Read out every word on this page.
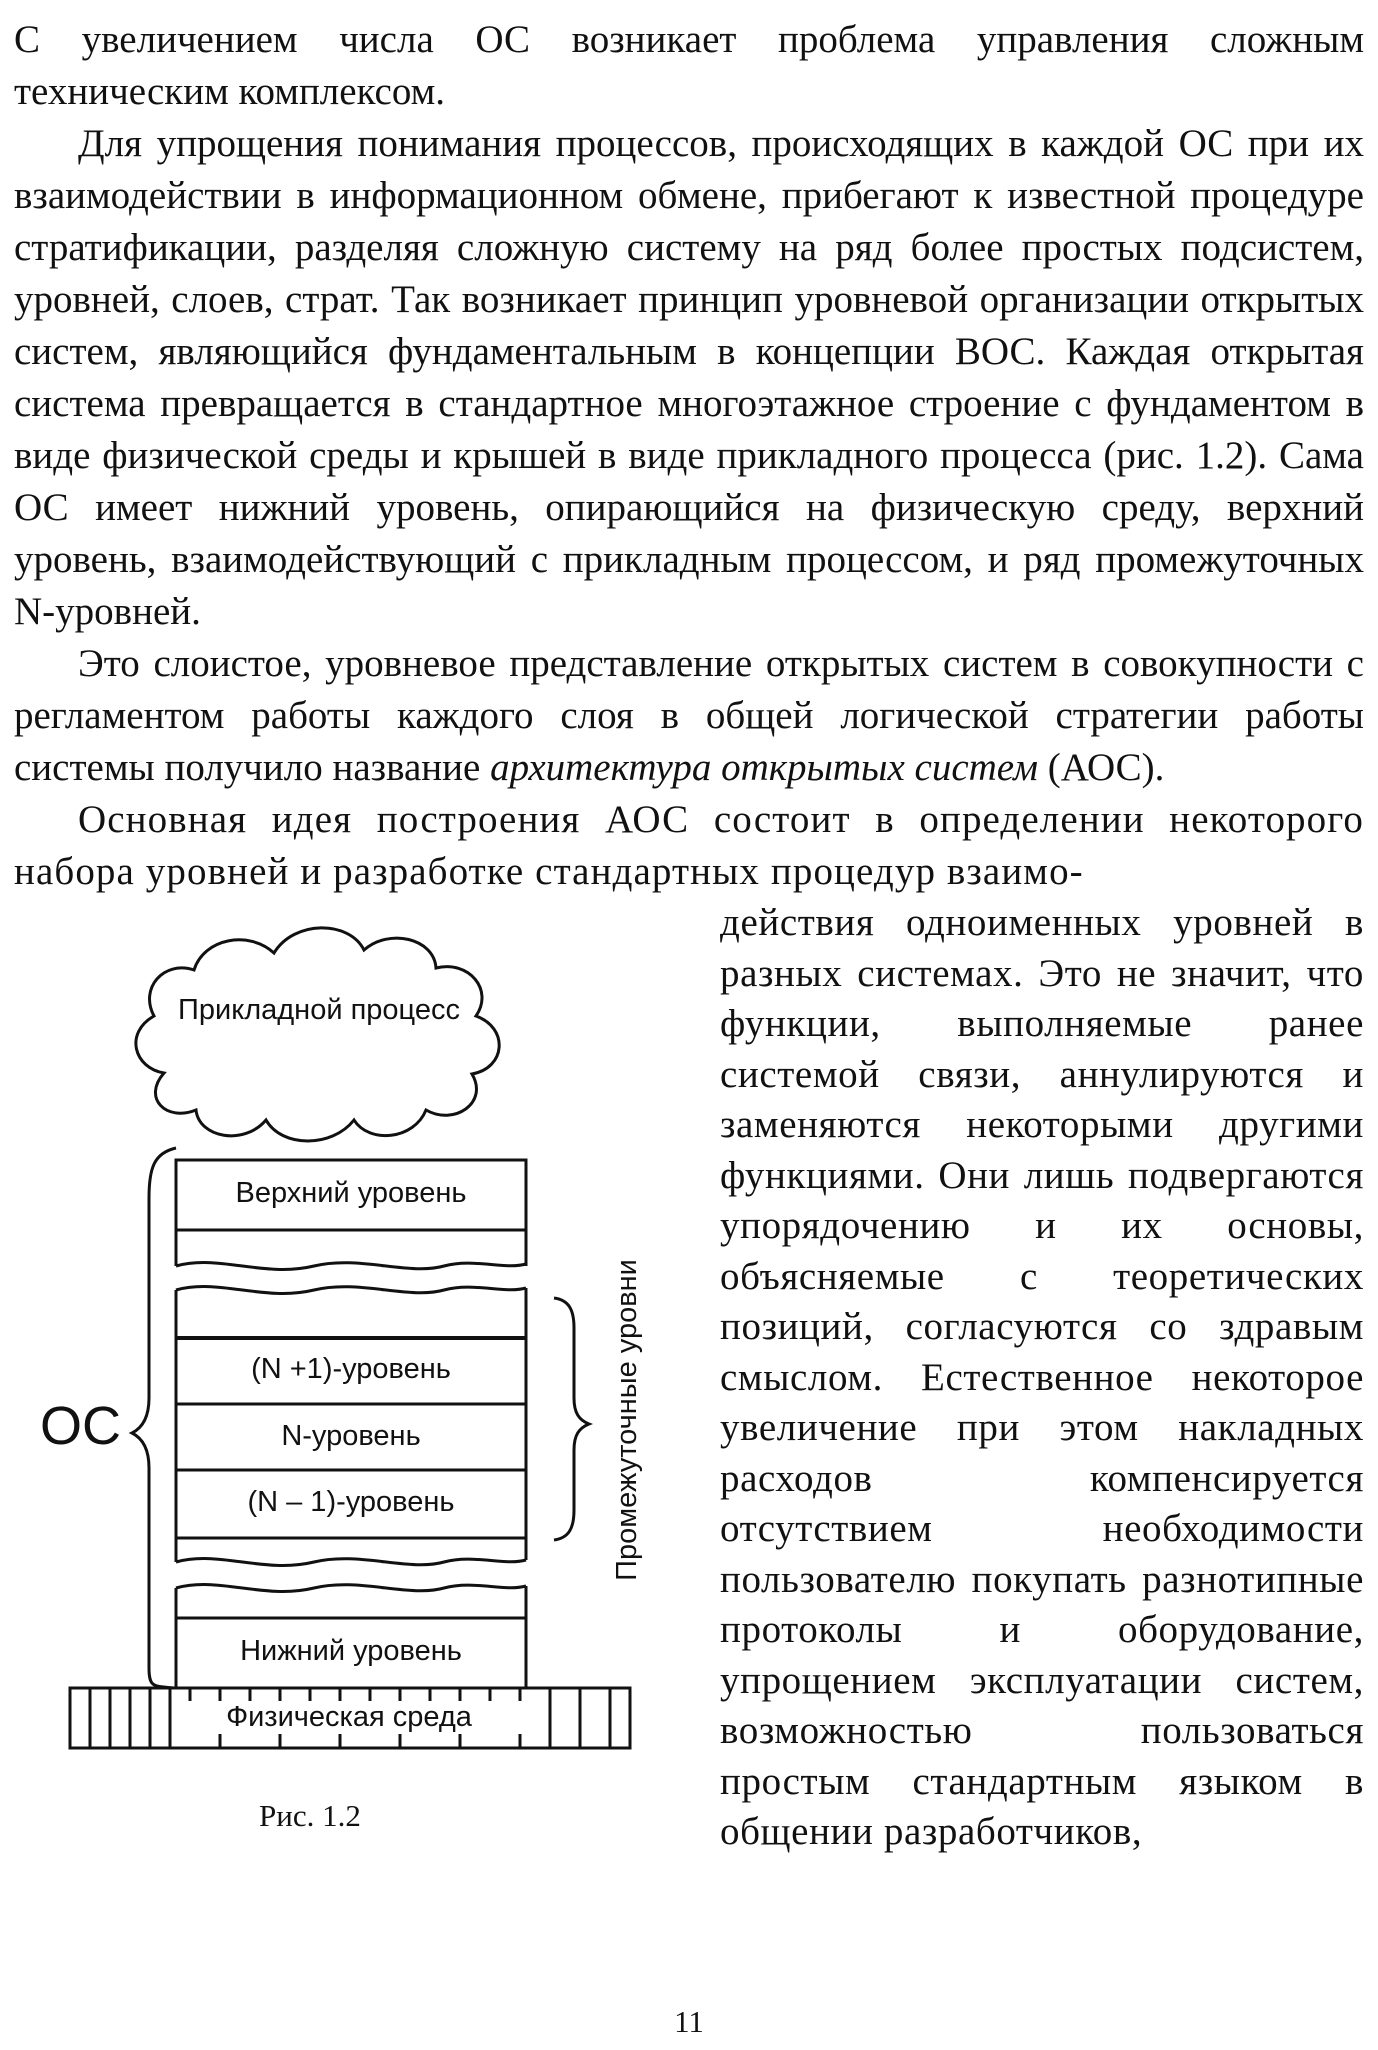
С увеличением числа ОС возникает проблема управления сложным техническим комплексом.

Для упрощения понимания процессов, происходящих в каждой ОС при их взаимодействии в информационном обмене, прибегают к известной процедуре стратификации, разделяя сложную систему на ряд более простых подсистем, уровней, слоев, страт. Так возникает принцип уровневой организации открытых систем, являющийся фундаментальным в концепции ВОС. Каждая открытая система превращается в стандартное многоэтажное строение с фундаментом в виде физической среды и крышей в виде прикладного процесса (рис. 1.2). Сама ОС имеет нижний уровень, опирающийся на физическую среду, верхний уровень, взаимодействующий с прикладным процессом, и ряд промежуточных N-уровней.

Это слоистое, уровневое представление открытых систем в совокупности с регламентом работы каждого слоя в общей логической стратегии работы системы получило название архитектура открытых систем (АОС).

Основная идея построения АОС состоит в определении некоторого набора уровней и разработке стандартных процедур взаимо-

Прикладной процесс
Верхний уровень
(N +1)-уровень
N-уровень
(N – 1)-уровень
Нижний уровень
Физическая среда
ОС	Промежуточные уровни
Рис. 1.2

действия одноименных уровней в разных системах. Это не значит, что функции, выполняемые ранее системой связи, аннулируются и заменяются некоторыми другими функциями. Они лишь подвергаются упорядочению и их основы, объясняемые с теоретических позиций, согласуются со здравым смыслом. Естественное некоторое увеличение при этом накладных расходов компенсируется отсутствием необходимости пользователю покупать разнотипные протоколы и оборудование, упрощением эксплуатации систем, возможностью пользоваться простым стандартным языком в общении разработчиков,

11
